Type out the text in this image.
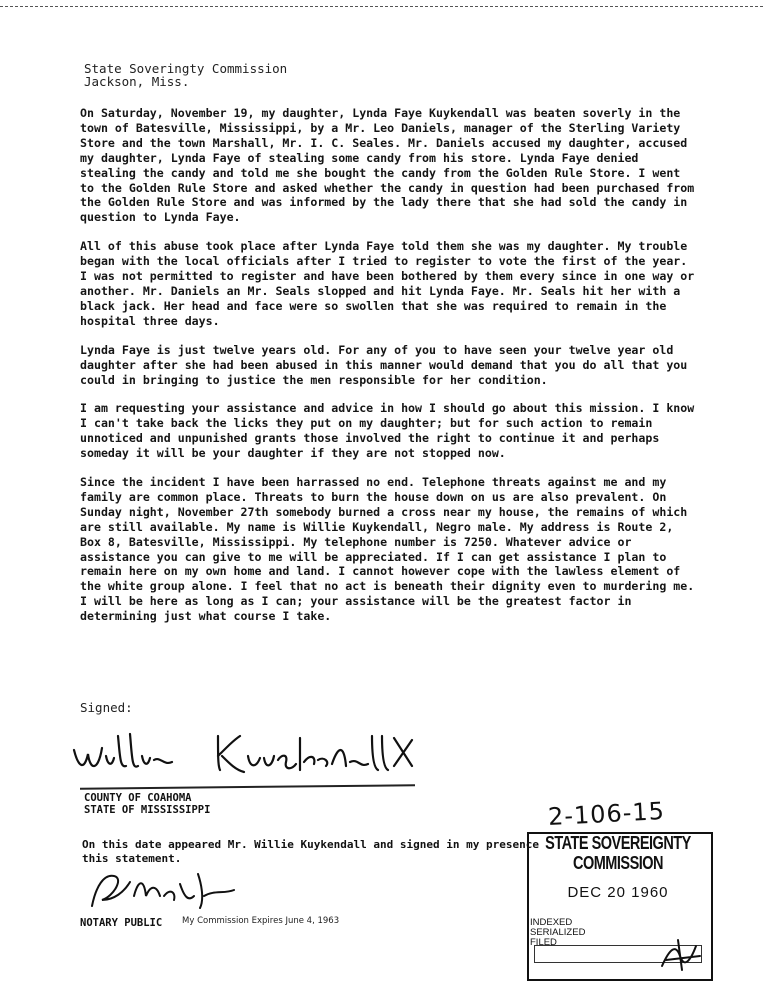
State Soveringty Commission
Jackson, Miss.

On Saturday, November 19, my daughter, Lynda Faye Kuykendall was beaten soverly in the town of Batesville, Mississippi, by a Mr. Leo Daniels, manager of the Sterling Variety Store and the town Marshall, Mr. I. C. Seales. Mr. Daniels accused my daughter, accused my daughter, Lynda Faye of stealing some candy from his store. Lynda Faye denied stealing the candy and told me she bought the candy from the Golden Rule Store. I went to the Golden Rule Store and asked whether the candy in question had been purchased from the Golden Rule Store and was informed by the lady there that she had sold the candy in question to Lynda Faye.

All of this abuse took place after Lynda Faye told them she was my daughter. My trouble began with the local officials after I tried to register to vote the first of the year. I was not permitted to register and have been bothered by them every since in one way or another. Mr. Daniels an Mr. Seals slopped and hit Lynda Faye. Mr. Seals hit her with a black jack. Her head and face were so swollen that she was required to remain in the hospital three days.

Lynda Faye is just twelve years old. For any of you to have seen your twelve year old daughter after she had been abused in this manner would demand that you do all that you could in bringing to justice the men responsible for her condition.

I am requesting your assistance and advice in how I should go about this mission. I know I can't take back the licks they put on my daughter; but for such action to remain unnoticed and unpunished grants those involved the right to continue it and perhaps someday it will be your daughter if they are not stopped now.

Since the incident I have been harrassed no end. Telephone threats against me and my family are common place. Threats to burn the house down on us are also prevalent. On Sunday night, November 27th somebody burned a cross near my house, the remains of which are still available. My name is Willie Kuykendall, Negro male. My address is Route 2, Box 8, Batesville, Mississippi. My telephone number is 7250. Whatever advice or assistance you can give to me will be appreciated. If I can get assistance I plan to remain here on my own home and land. I cannot however cope with the lawless element of the white group alone. I feel that no act is beneath their dignity even to murdering me. I will be here as long as I can; your assistance will be the greatest factor in determining just what course I take.

Signed:
COUNTY OF COAHOMA
STATE OF MISSISSIPPI	2-106-15
On this date appeared Mr. Willie Kuykendall and signed in my presence this statement.
NOTARY PUBLIC My Commission Expires June 4, 1963
STATE SOVEREIGNTY COMMISSION
DEC 20 1960
INDEXED
SERIALIZED
FILED
